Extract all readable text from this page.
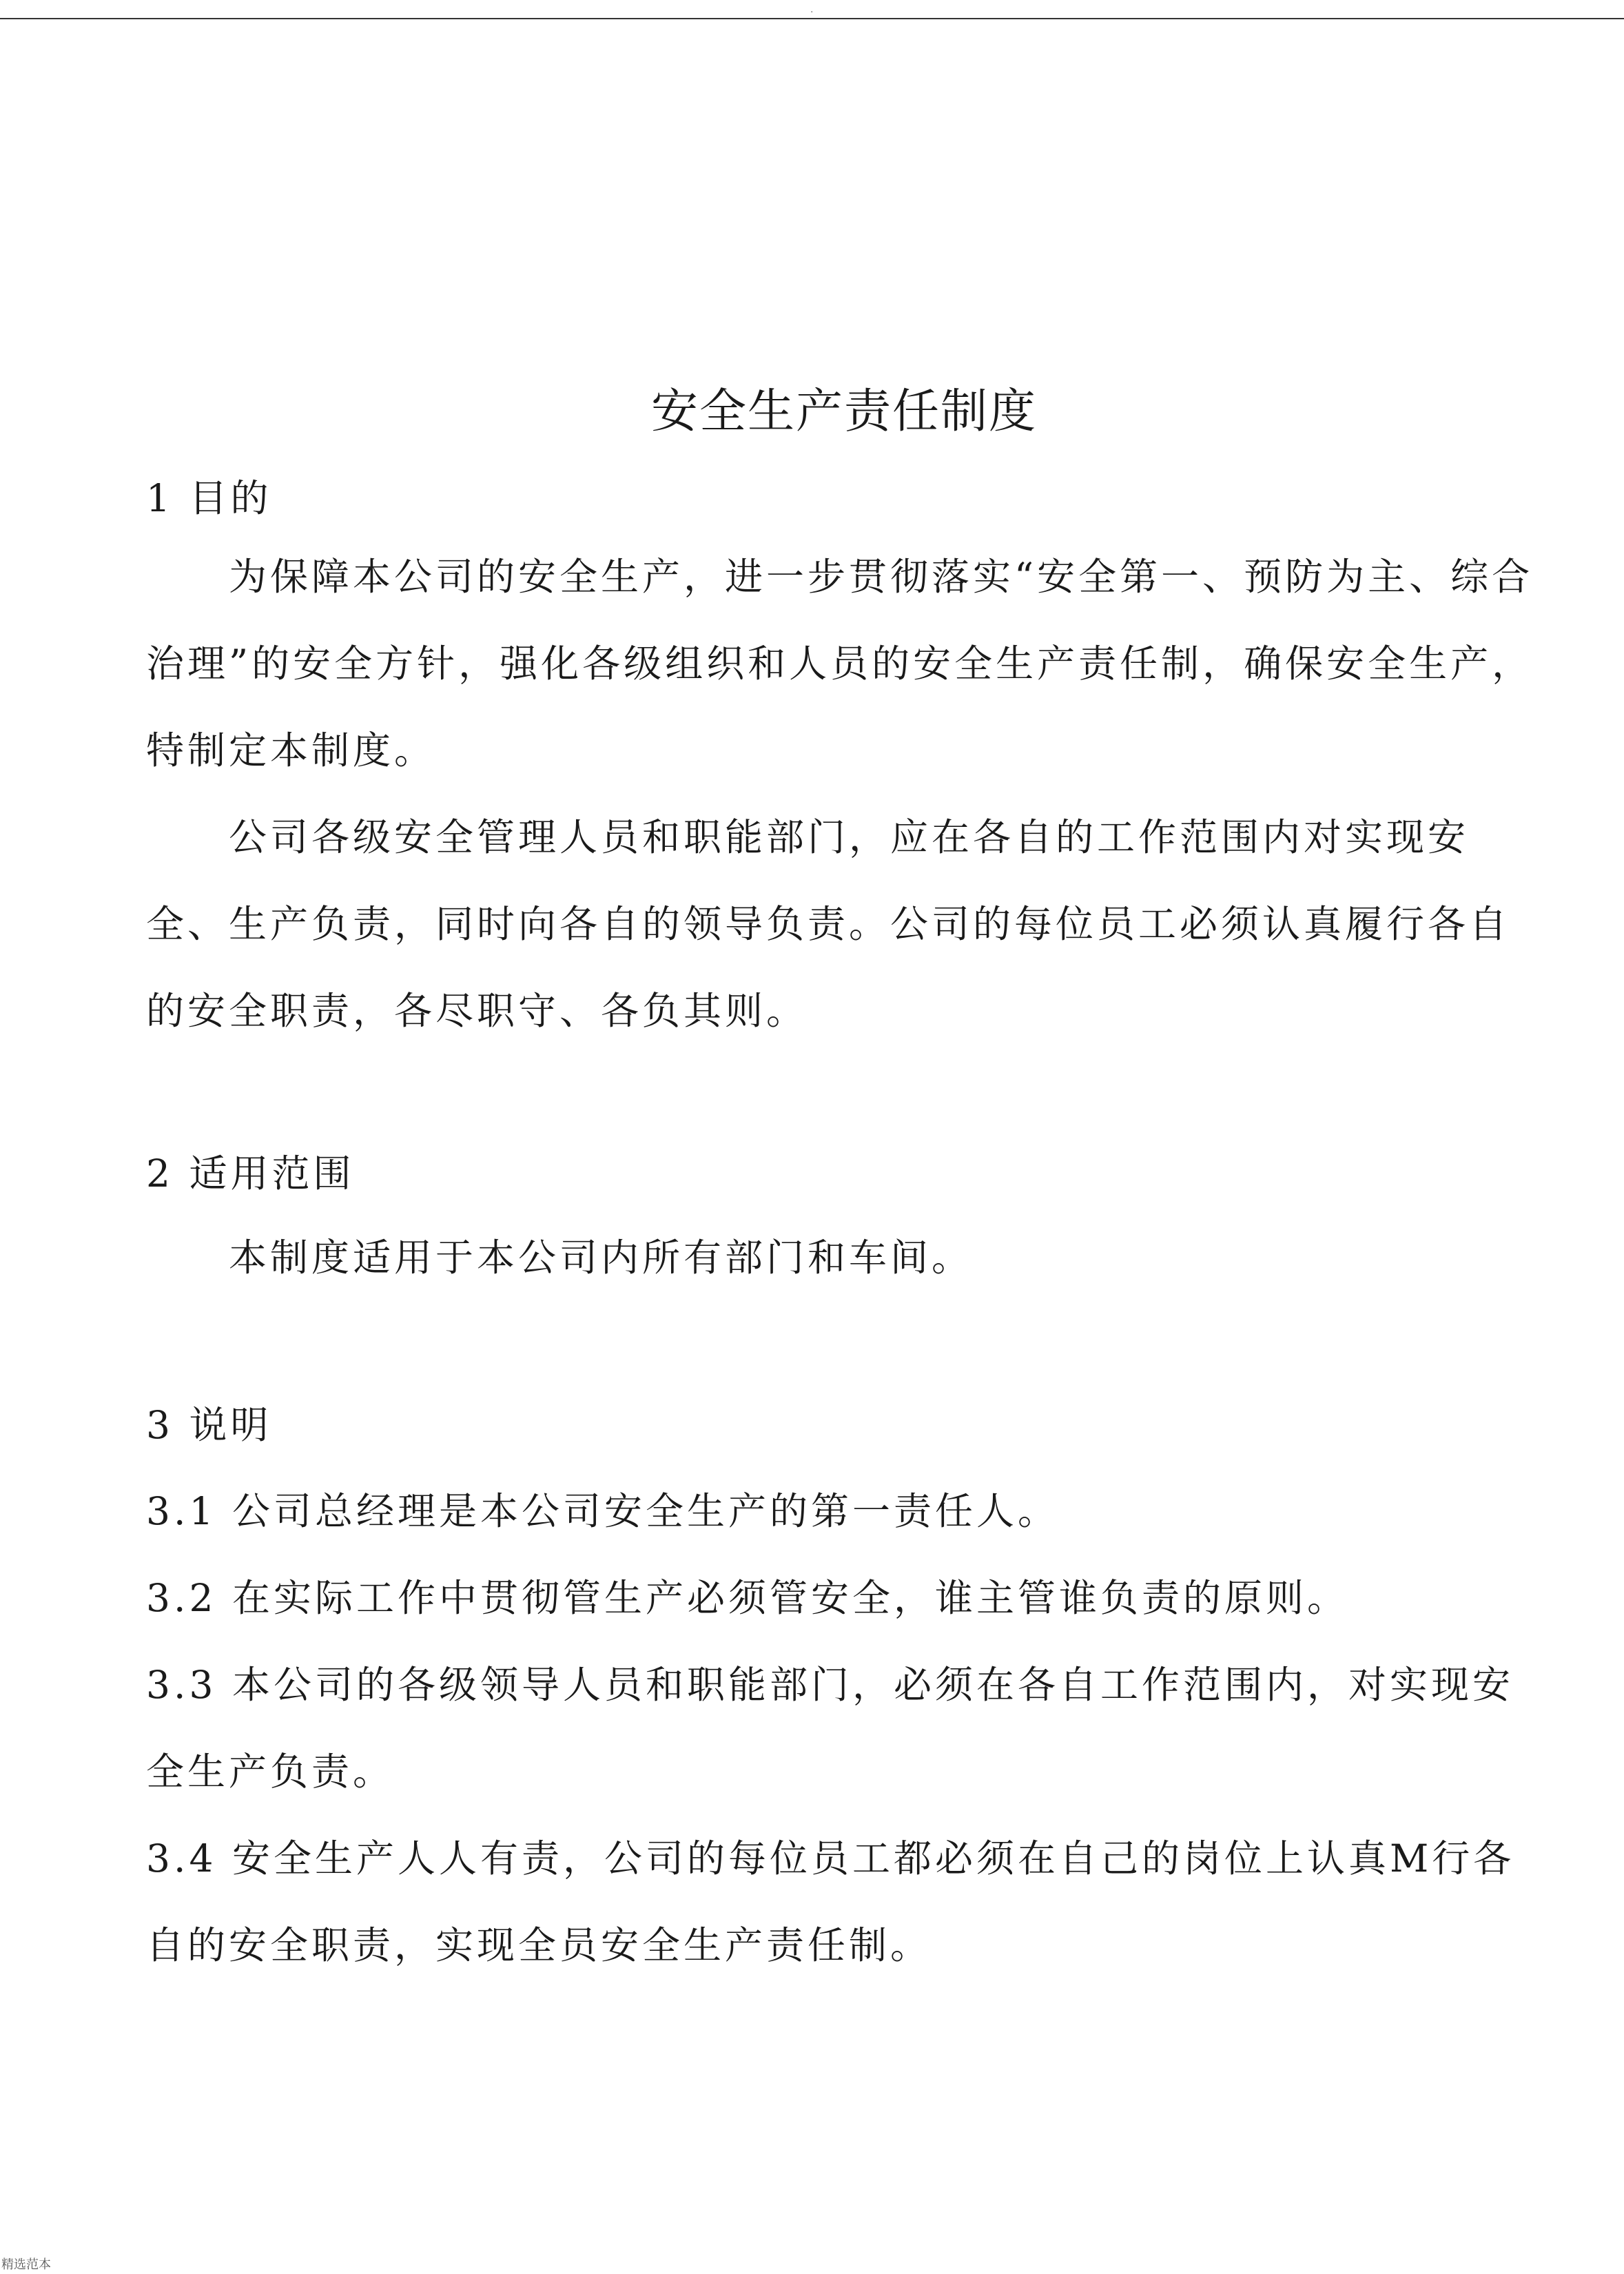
.
安全生产责任制度
1 目的

为保障本公司的安全生产，进一步贯彻落实“安全第一、预防为主、综合治理”的安全方针，强化各级组织和人员的安全生产责任制，确保安全生产，特制定本制度。

公司各级安全管理人员和职能部门，应在各自的工作范围内对实现安全、生产负责，同时向各自的领导负责。公司的每位员工必须认真履行各自的安全职责，各尽职守、各负其则。

2 适用范围

本制度适用于本公司内所有部门和车间。

3 说明

3.1 公司总经理是本公司安全生产的第一责任人。

3.2 在实际工作中贯彻管生产必须管安全，谁主管谁负责的原则。

3.3 本公司的各级领导人员和职能部门，必须在各自工作范围内，对实现安全生产负责。

3.4 安全生产人人有责，公司的每位员工都必须在自己的岗位上认真M行各自的安全职责，实现全员安全生产责任制。

精选范本
